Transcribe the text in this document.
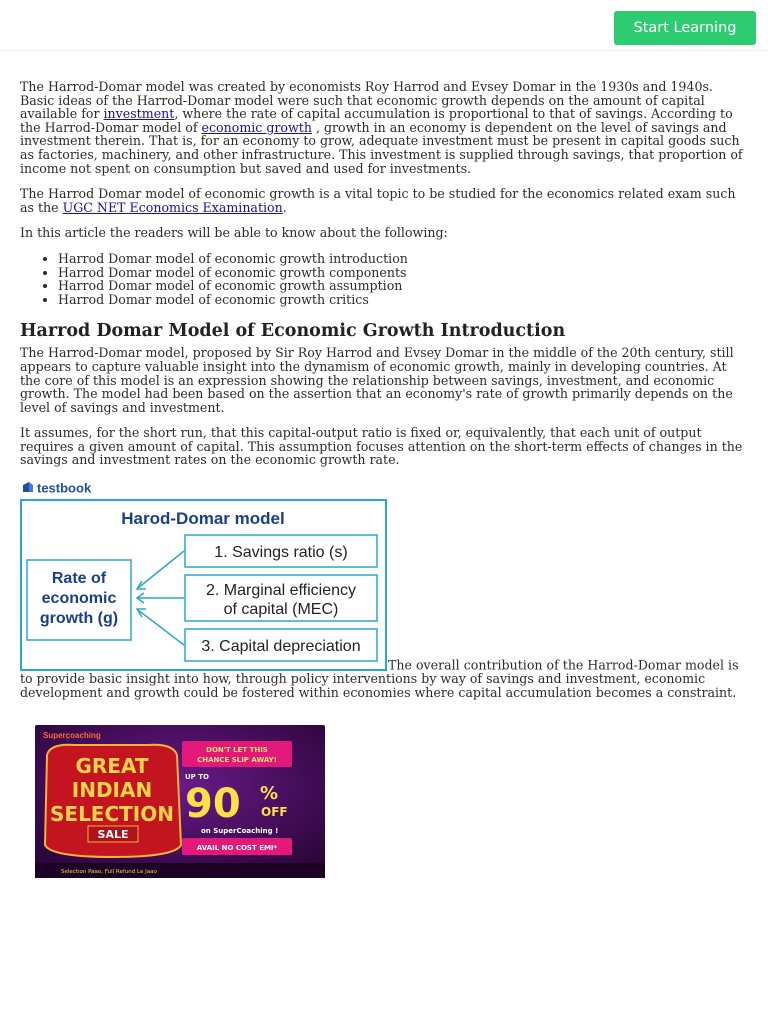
Start Learning

The Harrod-Domar model was created by economists Roy Harrod and Evsey Domar in the 1930s and 1940s. Basic ideas of the Harrod-Domar model were such that economic growth depends on the amount of capital available for investment, where the rate of capital accumulation is proportional to that of savings. According to the Harrod-Domar model of economic growth , growth in an economy is dependent on the level of savings and investment therein. That is, for an economy to grow, adequate investment must be present in capital goods such as factories, machinery, and other infrastructure. This investment is supplied through savings, that proportion of income not spent on consumption but saved and used for investments.

The Harrod Domar model of economic growth is a vital topic to be studied for the economics related exam such as the UGC NET Economics Examination.

In this article the readers will be able to know about the following:

• Harrod Domar model of economic growth introduction
• Harrod Domar model of economic growth components
• Harrod Domar model of economic growth assumption
• Harrod Domar model of economic growth critics
Harrod Domar Model of Economic Growth Introduction

The Harrod-Domar model, proposed by Sir Roy Harrod and Evsey Domar in the middle of the 20th century, still appears to capture valuable insight into the dynamism of economic growth, mainly in developing countries. At the core of this model is an expression showing the relationship between savings, investment, and economic growth. The model had been based on the assertion that an economy's rate of growth primarily depends on the level of savings and investment.

It assumes, for the short run, that this capital-output ratio is fixed or, equivalently, that each unit of output requires a given amount of capital. This assumption focuses attention on the short-term effects of changes in the savings and investment rates on the economic growth rate.

testbook
Harod-Domar model
Rate of
economic
growth (g)
1. Savings ratio (s)
2. Marginal efficiency
of capital (MEC)
3. Capital depreciation
The overall contribution of the Harrod-Domar model is to provide basic insight into how, through policy interventions by way of savings and investment, economic development and growth could be fostered within economies where capital accumulation becomes a constraint.

Supercoaching
GREAT
INDIAN
SELECTION
SALE
DON'T LET THIS
CHANCE SLIP AWAY!
UP TO
90 %
OFF
on SuperCoaching !
AVAIL NO COST EMI*
Selection Paao, Full Refund Le Jaao
